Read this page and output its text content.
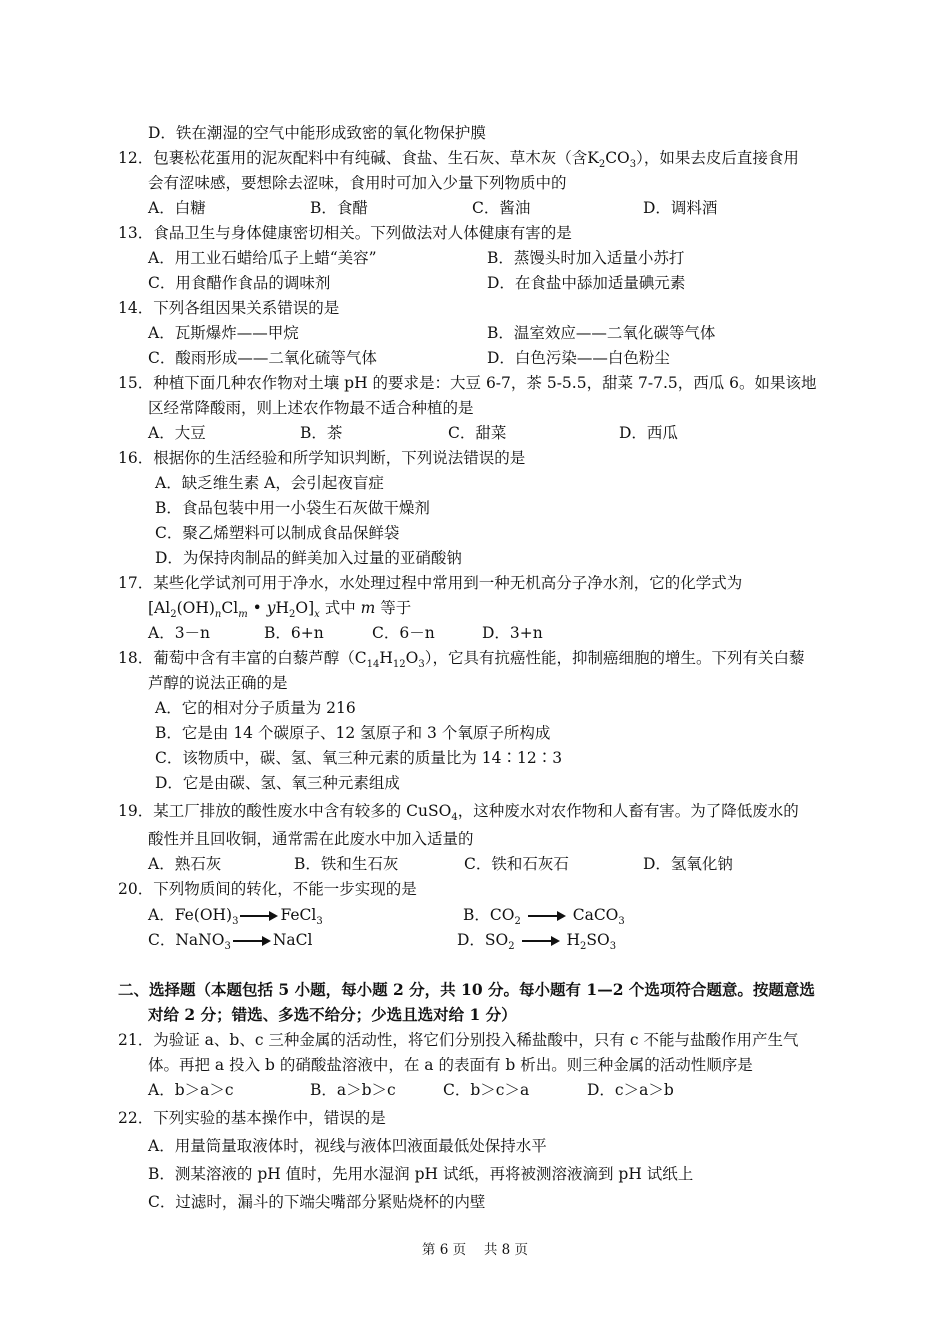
D．铁在潮湿的空气中能形成致密的氧化物保护膜
12．包裹松花蛋用的泥灰配料中有纯碱、食盐、生石灰、草木灰（含$K_2CO_3$），如果去皮后直接食用
会有涩味感，要想除去涩味，食用时可加入少量下列物质中的
A．白糖	B．食醋	C．酱油	D．调料酒
13．食品卫生与身体健康密切相关。下列做法对人体健康有害的是
A．用工业石蜡给瓜子上蜡“美容”	B．蒸馒头时加入适量小苏打
C．用食醋作食品的调味剂	D．在食盐中舔加适量碘元素
14．下列各组因果关系错误的是
A．瓦斯爆炸——甲烷	B．温室效应——二氧化碳等气体
C．酸雨形成——二氧化硫等气体	D．白色污染——白色粉尘
15．种植下面几种农作物对土壤 pH 的要求是：大豆 6-7，茶 5-5.5，甜菜 7-7.5，西瓜 6。如果该地
区经常降酸雨，则上述农作物最不适合种植的是
A．大豆	B．茶	C．甜菜	D．西瓜
16．根据你的生活经验和所学知识判断，下列说法错误的是
A．缺乏维生素 A，会引起夜盲症
B．食品包装中用一小袋生石灰做干燥剂
C．聚乙烯塑料可以制成食品保鲜袋
D．为保持肉制品的鲜美加入过量的亚硝酸钠
17．某些化学试剂可用于净水，水处理过程中常用到一种无机高分子净水剂，它的化学式为
[$Al_2(OH)_nCl_m$ • $yH_2O]_x$ 式中 m 等于
A．3－n	B．6+n	C．6－n	D．3+n
18．葡萄中含有丰富的白藜芦醇$(C_{14}H_{12}O_3)$，它具有抗癌性能，抑制癌细胞的增生。下列有关白藜
芦醇的说法正确的是
A．它的相对分子质量为 216
B．它是由 14 个碳原子、12 氢原子和 3 个氧原子所构成
C．该物质中，碳、氢、氧三种元素的质量比为 14∶12∶3
D．它是由碳、氢、氧三种元素组成
19．某工厂排放的酸性废水中含有较多的 CuSO$_4$，这种废水对农作物和人畜有害。为了降低废水的
酸性并且回收铜，通常需在此废水中加入适量的
A．熟石灰	B．铁和生石灰	C．铁和石灰石	D．氢氧化钠
20．下列物质间的转化，不能一步实现的是
A．$Fe(OH)_3$	FeCl$_3$	B．$CO_2$	CaCO$_3$
C．NaNO$_3$	NaCl	D．$SO_2$	$H_2SO_3$
二、选择题（本题包括 5 小题，每小题 2 分，共 10 分。每小题有 1—2 个选项符合题意。按题意选
对给 2 分；错选、多选不给分；少选且选对给 1 分）
21．为验证 a、b、c 三种金属的活动性，将它们分别投入稀盐酸中，只有 c 不能与盐酸作用产生气
体。再把 a 投入 b 的硝酸盐溶液中，在 a 的表面有 b 析出。则三种金属的活动性顺序是
A．b＞a＞c	B．a＞b＞c	C．b＞c＞a	D．c＞a＞b
22．下列实验的基本操作中，错误的是
A．用量筒量取液体时，视线与液体凹液面最低处保持水平
B．测某溶液的 pH 值时，先用水湿润 pH 试纸，再将被测溶液滴到 pH 试纸上
C．过滤时，漏斗的下端尖嘴部分紧贴烧杯的内壁
第 6 页　 共 8 页
